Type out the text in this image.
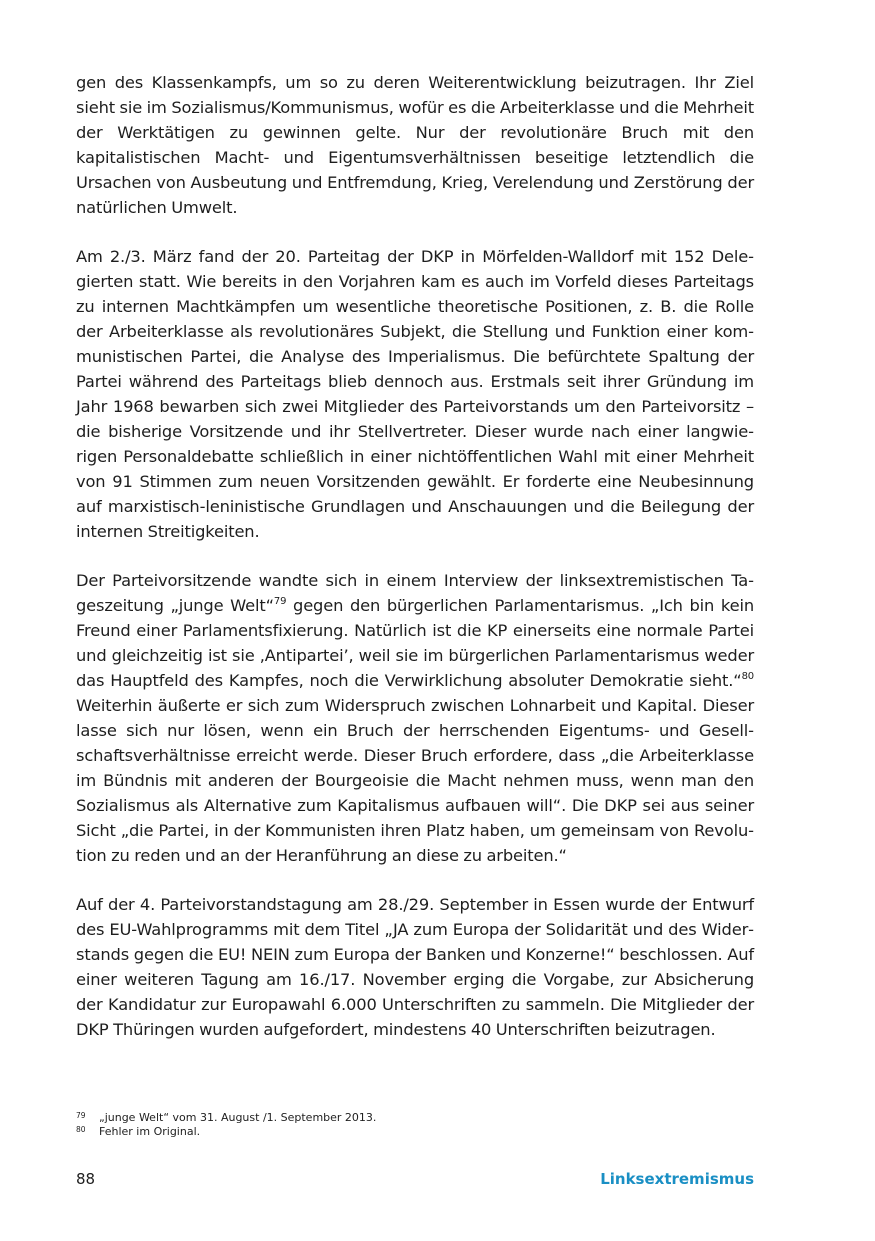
gen des Klassenkampfs, um so zu deren Weiterentwicklung beizutragen. Ihr Ziel sieht sie im Sozialismus/Kommunismus, wofür es die Arbeiterklasse und die Mehrheit der Werktätigen zu gewinnen gelte. Nur der revolutionäre Bruch mit den kapitalistischen Macht- und Eigentumsverhältnissen beseitige letztendlich die Ursachen von Ausbeutung und Entfremdung, Krieg, Verelendung und Zerstörung der natürlichen Umwelt.

Am 2./3. März fand der 20. Parteitag der DKP in Mörfelden-Walldorf mit 152 Delegierten statt. Wie bereits in den Vorjahren kam es auch im Vorfeld dieses Parteitags zu internen Machtkämpfen um wesentliche theoretische Positionen, z. B. die Rolle der Arbeiterklasse als revolutionäres Subjekt, die Stellung und Funktion einer kommunistischen Partei, die Analyse des Imperialismus. Die befürchtete Spaltung der Partei während des Parteitags blieb dennoch aus. Erstmals seit ihrer Gründung im Jahr 1968 bewarben sich zwei Mitglieder des Parteivorstands um den Parteivorsitz – die bisherige Vorsitzende und ihr Stellvertreter. Dieser wurde nach einer langwierigen Personaldebatte schließlich in einer nichtöffentlichen Wahl mit einer Mehrheit von 91 Stimmen zum neuen Vorsitzenden gewählt. Er forderte eine Neubesinnung auf marxistisch-leninistische Grundlagen und Anschauungen und die Beilegung der internen Streitigkeiten.

Der Parteivorsitzende wandte sich in einem Interview der linksextremistischen Tageszeitung „junge Welt“$^{79}$ gegen den bürgerlichen Parlamentarismus. „Ich bin kein Freund einer Parlamentsfixierung. Natürlich ist die KP einerseits eine normale Partei und gleichzeitig ist sie ‚Antipartei’, weil sie im bürgerlichen Parlamentarismus weder das Hauptfeld des Kampfes, noch die Verwirklichung absoluter Demokratie sieht.“$^{80}$ Weiterhin äußerte er sich zum Widerspruch zwischen Lohnarbeit und Kapital. Dieser lasse sich nur lösen, wenn ein Bruch der herrschenden Eigentums- und Gesellschaftsverhältnisse erreicht werde. Dieser Bruch erfordere, dass „die Arbeiterklasse im Bündnis mit anderen der Bourgeoisie die Macht nehmen muss, wenn man den Sozialismus als Alternative zum Kapitalismus aufbauen will“. Die DKP sei aus seiner Sicht „die Partei, in der Kommunisten ihren Platz haben, um gemeinsam von Revolution zu reden und an der Heranführung an diese zu arbeiten.“

Auf der 4. Parteivorstandstagung am 28./29. September in Essen wurde der Entwurf des EU-Wahlprogramms mit dem Titel „JA zum Europa der Solidarität und des Widerstands gegen die EU! NEIN zum Europa der Banken und Konzerne!“ beschlossen. Auf einer weiteren Tagung am 16./17. November erging die Vorgabe, zur Absicherung der Kandidatur zur Europawahl 6.000 Unterschriften zu sammeln. Die Mitglieder der DKP Thüringen wurden aufgefordert, mindestens 40 Unterschriften beizutragen.

79	„junge Welt“ vom 31. August /1. September 2013.
80	Fehler im Original.
88	Linksextremismus
